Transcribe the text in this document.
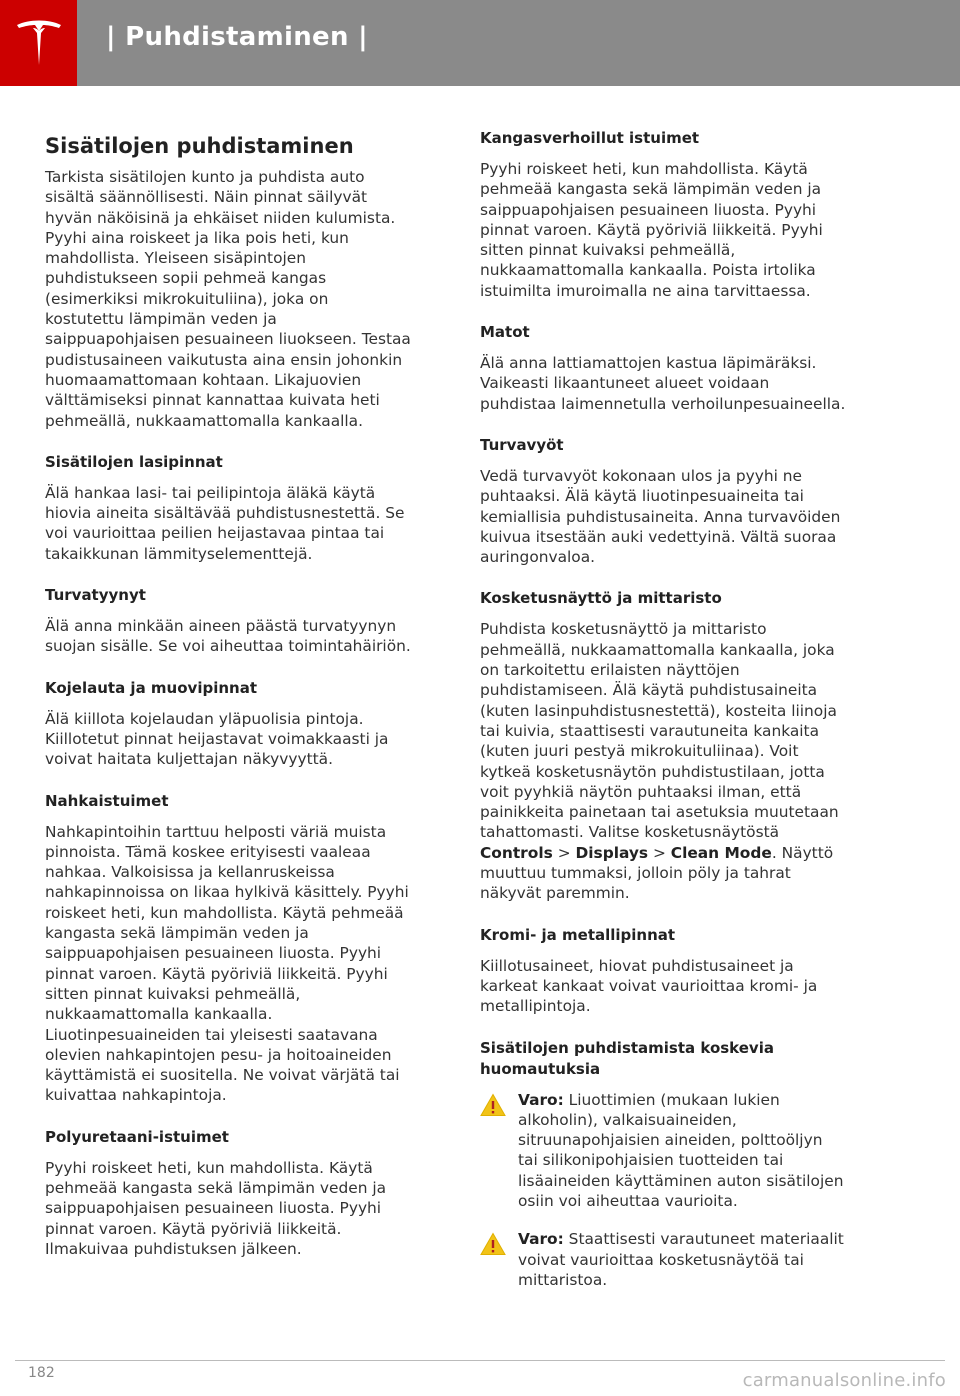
| Puhdistaminen |
Sisätilojen puhdistaminen
Tarkista sisätilojen kunto ja puhdista auto
sisältä säännöllisesti. Näin pinnat säilyvät
hyvän näköisinä ja ehkäiset niiden kulumista.
Pyyhi aina roiskeet ja lika pois heti, kun
mahdollista. Yleiseen sisäpintojen
puhdistukseen sopii pehmeä kangas
(esimerkiksi mikrokuituliina), joka on
kostutettu lämpimän veden ja
saippuapohjaisen pesuaineen liuokseen. Testaa
pudistusaineen vaikutusta aina ensin johonkin
huomaamattomaan kohtaan. Likajuovien
välttämiseksi pinnat kannattaa kuivata heti
pehmeällä, nukkaamattomalla kankaalla.
Sisätilojen lasipinnat
Älä hankaa lasi- tai peilipintoja äläkä käytä
hiovia aineita sisältävää puhdistusnestettä. Se
voi vaurioittaa peilien heijastavaa pintaa tai
takaikkunan lämmityselementtejä.
Turvatyynyt
Älä anna minkään aineen päästä turvatyynyn
suojan sisälle. Se voi aiheuttaa toimintahäiriön.
Kojelauta ja muovipinnat
Älä kiillota kojelaudan yläpuolisia pintoja.
Kiillotetut pinnat heijastavat voimakkaasti ja
voivat haitata kuljettajan näkyvyyttä.
Nahkaistuimet
Nahkapintoihin tarttuu helposti väriä muista
pinnoista. Tämä koskee erityisesti vaaleaa
nahkaa. Valkoisissa ja kellanruskeissa
nahkapinnoissa on likaa hylkivä käsittely. Pyyhi
roiskeet heti, kun mahdollista. Käytä pehmeää
kangasta sekä lämpimän veden ja
saippuapohjaisen pesuaineen liuosta. Pyyhi
pinnat varoen. Käytä pyöriviä liikkeitä. Pyyhi
sitten pinnat kuivaksi pehmeällä,
nukkaamattomalla kankaalla.
Liuotinpesuaineiden tai yleisesti saatavana
olevien nahkapintojen pesu- ja hoitoaineiden
käyttämistä ei suositella. Ne voivat värjätä tai
kuivattaa nahkapintoja.
Polyuretaani-istuimet
Pyyhi roiskeet heti, kun mahdollista. Käytä
pehmeää kangasta sekä lämpimän veden ja
saippuapohjaisen pesuaineen liuosta. Pyyhi
pinnat varoen. Käytä pyöriviä liikkeitä.
Ilmakuivaa puhdistuksen jälkeen.
Kangasverhoillut istuimet
Pyyhi roiskeet heti, kun mahdollista. Käytä
pehmeää kangasta sekä lämpimän veden ja
saippuapohjaisen pesuaineen liuosta. Pyyhi
pinnat varoen. Käytä pyöriviä liikkeitä. Pyyhi
sitten pinnat kuivaksi pehmeällä,
nukkaamattomalla kankaalla. Poista irtolika
istuimilta imuroimalla ne aina tarvittaessa.
Matot
Älä anna lattiamattojen kastua läpimäräksi.
Vaikeasti likaantuneet alueet voidaan
puhdistaa laimennetulla verhoilunpesuaineella.
Turvavyöt
Vedä turvavyöt kokonaan ulos ja pyyhi ne
puhtaaksi. Älä käytä liuotinpesuaineita tai
kemiallisia puhdistusaineita. Anna turvavöiden
kuivua itsestään auki vedettyinä. Vältä suoraa
auringonvaloa.
Kosketusnäyttö ja mittaristo
Puhdista kosketusnäyttö ja mittaristo
pehmeällä, nukkaamattomalla kankaalla, joka
on tarkoitettu erilaisten näyttöjen
puhdistamiseen. Älä käytä puhdistusaineita
(kuten lasinpuhdistusnestettä), kosteita liinoja
tai kuivia, staattisesti varautuneita kankaita
(kuten juuri pestyä mikrokuituliinaa). Voit
kytkeä kosketusnäytön puhdistustilaan, jotta
voit pyyhkiä näytön puhtaaksi ilman, että
painikkeita painetaan tai asetuksia muutetaan
tahattomasti. Valitse kosketusnäytöstä
Controls > Displays > Clean Mode. Näyttö
muuttuu tummaksi, jolloin pöly ja tahrat
näkyvät paremmin.
Kromi- ja metallipinnat
Kiillotusaineet, hiovat puhdistusaineet ja
karkeat kankaat voivat vaurioittaa kromi- ja
metallipintoja.
Sisätilojen puhdistamista koskevia
huomautuksia
Varo: Liuottimien (mukaan lukien
alkoholin), valkaisuaineiden,
sitruunapohjaisien aineiden, polttoöljyn
tai silikonipohjaisien tuotteiden tai
lisäaineiden käyttäminen auton sisätilojen
osiin voi aiheuttaa vaurioita.
Varo: Staattisesti varautuneet materiaalit
voivat vaurioittaa kosketusnäytöä tai
mittaristoa.
182	carmanualsonline.info
